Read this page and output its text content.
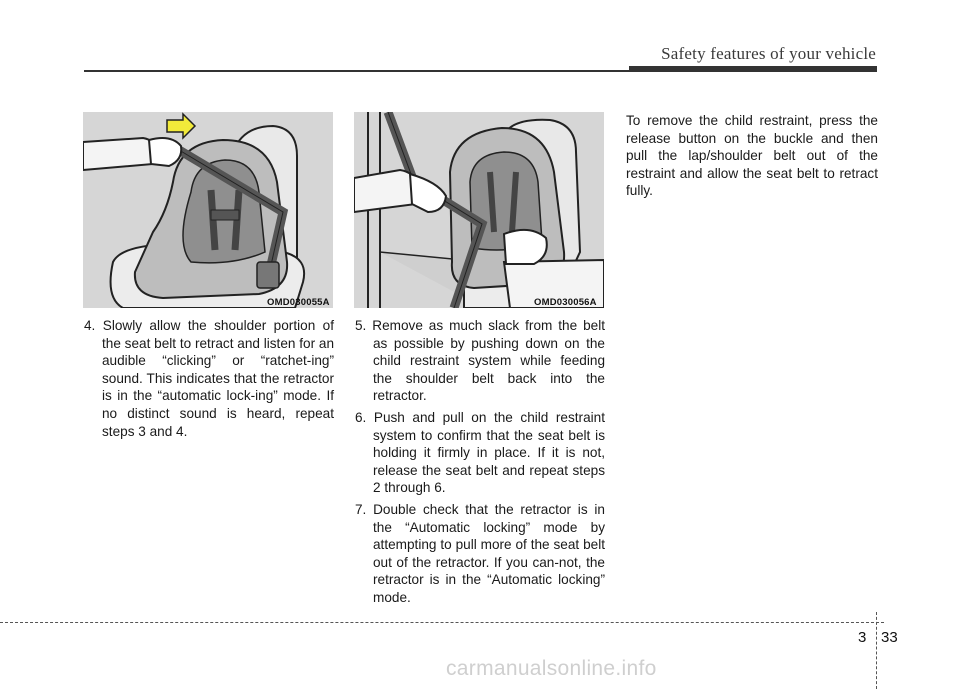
Safety features of your vehicle
OMD030055A	OMD030056A

4. Slowly allow the shoulder portion of the seat belt to retract and listen for an audible “clicking” or “ratchet-ing” sound. This indicates that the retractor is in the “automatic lock-ing” mode. If no distinct sound is heard, repeat steps 3 and 4.

5. Remove as much slack from the belt as possible by pushing down on the child restraint system while feeding the shoulder belt back into the retractor.

6. Push and pull on the child restraint system to confirm that the seat belt is holding it firmly in place. If it is not, release the seat belt and repeat steps 2 through 6.

7. Double check that the retractor is in the “Automatic locking” mode by attempting to pull more of the seat belt out of the retractor. If you can-not, the retractor is in the “Automatic locking” mode.

To remove the child restraint, press the release button on the buckle and then pull the lap/shoulder belt out of the restraint and allow the seat belt to retract fully.

3 33
carmanualsonline.info
